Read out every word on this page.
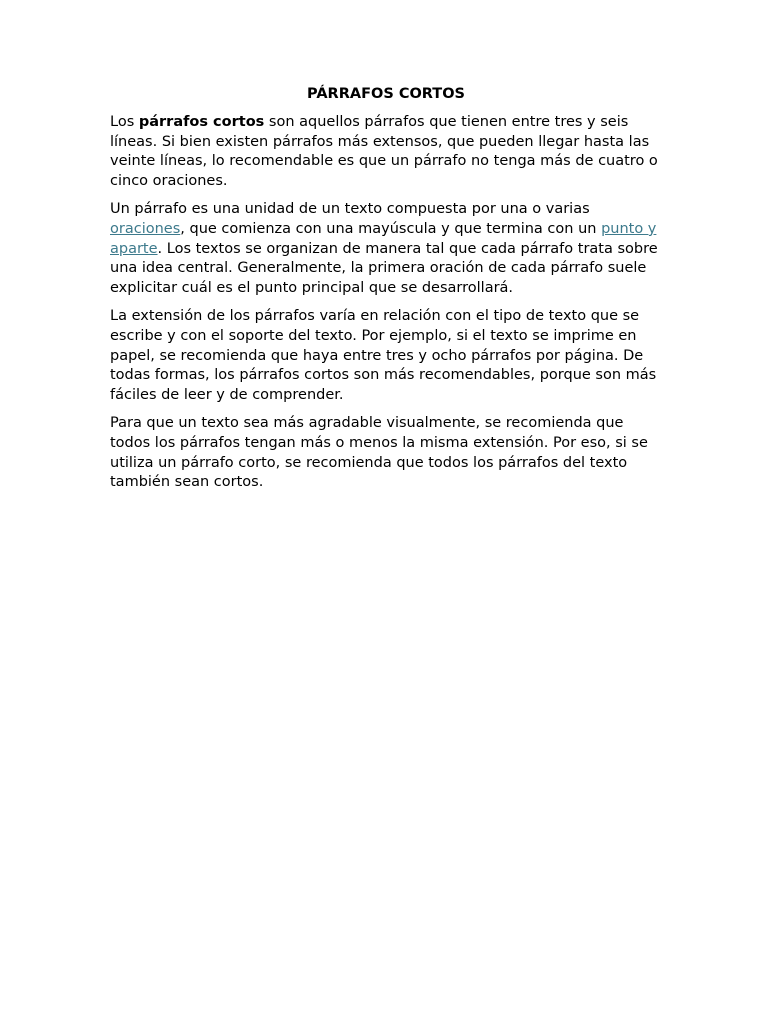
PÁRRAFOS CORTOS

Los párrafos cortos son aquellos párrafos que tienen entre tres y seis líneas. Si bien existen párrafos más extensos, que pueden llegar hasta las veinte líneas, lo recomendable es que un párrafo no tenga más de cuatro o cinco oraciones.

Un párrafo es una unidad de un texto compuesta por una o varias oraciones, que comienza con una mayúscula y que termina con un punto y aparte. Los textos se organizan de manera tal que cada párrafo trata sobre una idea central. Generalmente, la primera oración de cada párrafo suele explicitar cuál es el punto principal que se desarrollará.

La extensión de los párrafos varía en relación con el tipo de texto que se escribe y con el soporte del texto. Por ejemplo, si el texto se imprime en papel, se recomienda que haya entre tres y ocho párrafos por página. De todas formas, los párrafos cortos son más recomendables, porque son más fáciles de leer y de comprender.

Para que un texto sea más agradable visualmente, se recomienda que todos los párrafos tengan más o menos la misma extensión. Por eso, si se utiliza un párrafo corto, se recomienda que todos los párrafos del texto también sean cortos.
